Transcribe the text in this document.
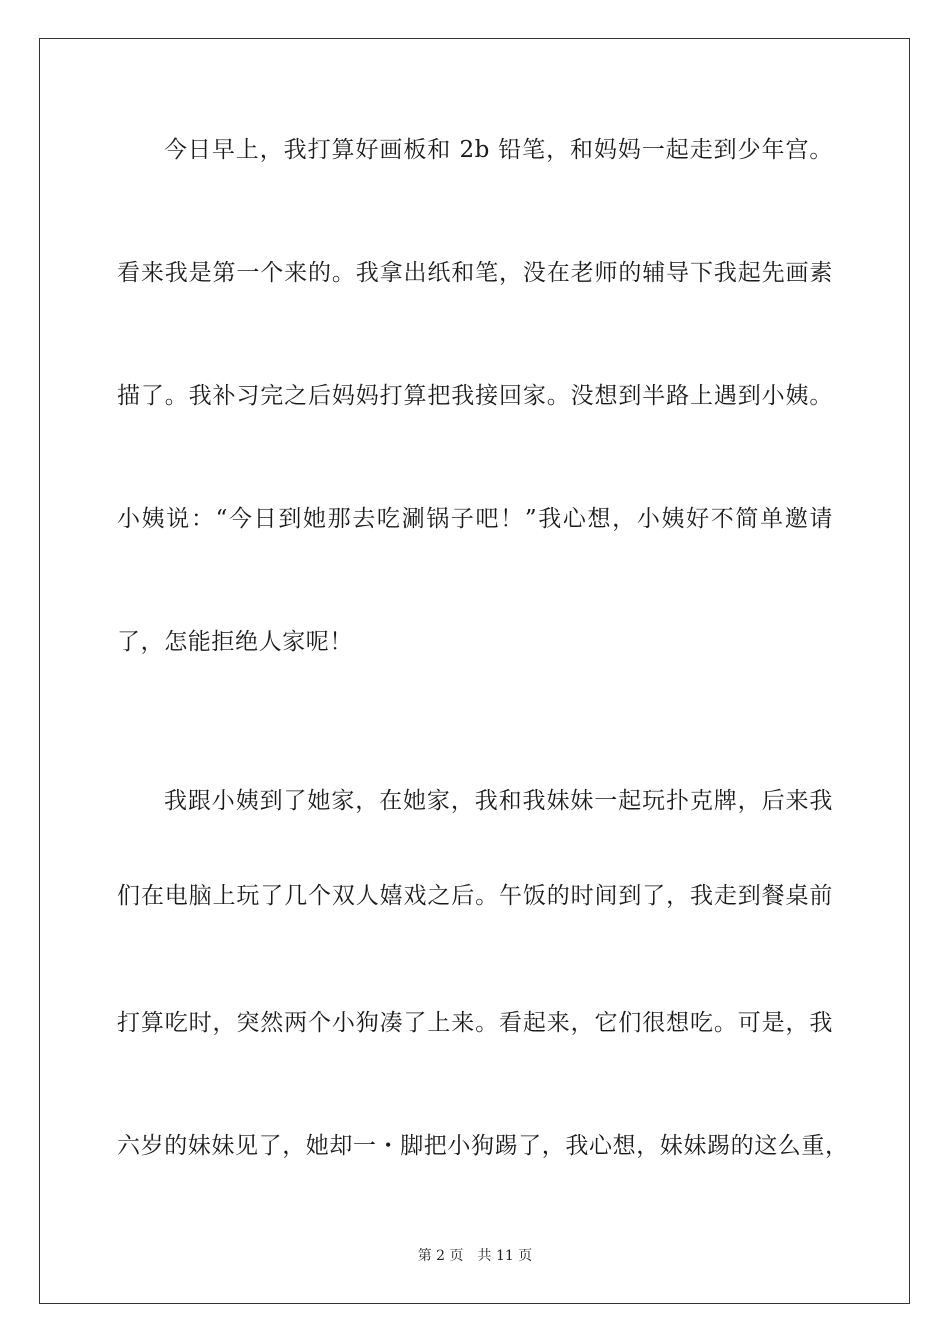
今日早上，我打算好画板和 2b 铅笔，和妈妈一起走到少年宫。
看来我是第一个来的。我拿出纸和笔，没在老师的辅导下我起先画素
描了。我补习完之后妈妈打算把我接回家。没想到半路上遇到小姨。
小姨说：“今日到她那去吃涮锅子吧！”我心想，小姨好不简单邀请
了，怎能拒绝人家呢！
我跟小姨到了她家，在她家，我和我妹妹一起玩扑克牌，后来我
们在电脑上玩了几个双人嬉戏之后。午饭的时间到了，我走到餐桌前
打算吃时，突然两个小狗凑了上来。看起来，它们很想吃。可是，我
六岁的妹妹见了，她却一・脚把小狗踢了，我心想，妹妹踢的这么重，
第 2 页 共 11 页
